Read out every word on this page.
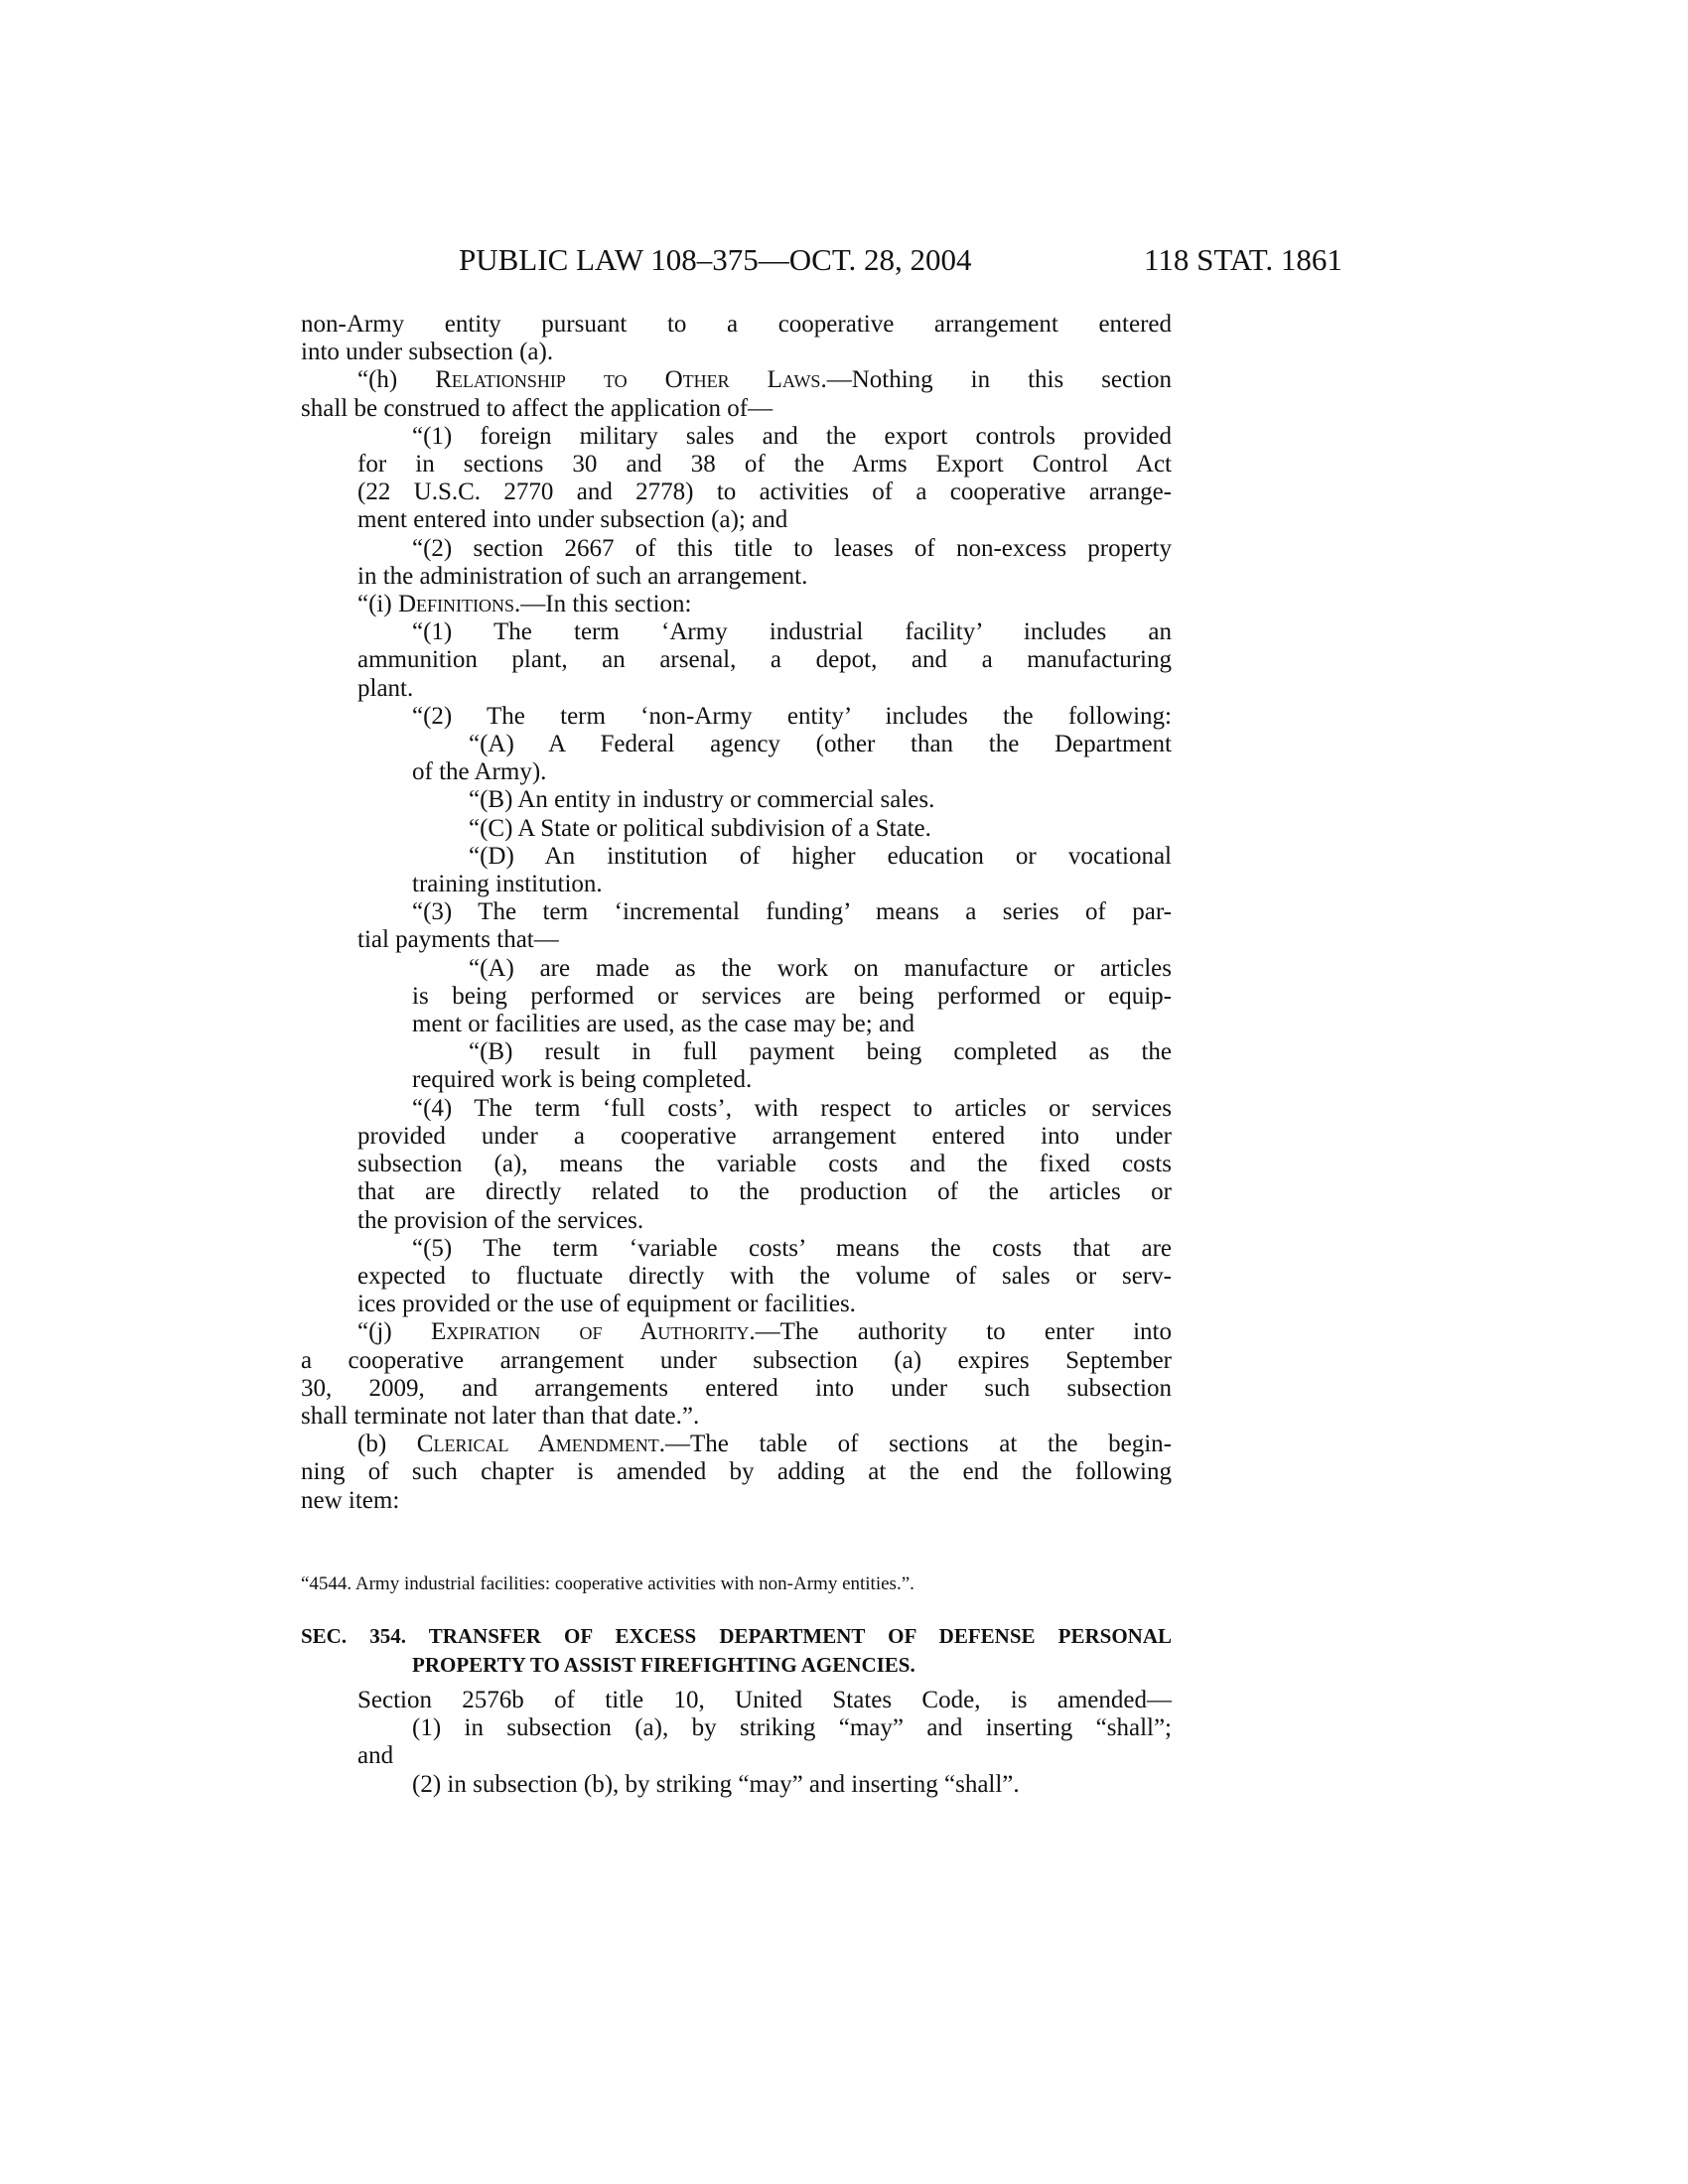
PUBLIC LAW 108–375—OCT. 28, 2004	118 STAT. 1861
non-Army entity pursuant to a cooperative arrangement entered
into under subsection (a).
“(h) Relationship to Other Laws.—Nothing in this section
shall be construed to affect the application of—
“(1) foreign military sales and the export controls provided
for in sections 30 and 38 of the Arms Export Control Act
(22 U.S.C. 2770 and 2778) to activities of a cooperative arrange-
ment entered into under subsection (a); and
“(2) section 2667 of this title to leases of non-excess property
in the administration of such an arrangement.
“(i) Definitions.—In this section:
“(1) The term ‘Army industrial facility’ includes an
ammunition plant, an arsenal, a depot, and a manufacturing
plant.
“(2) The term ‘non-Army entity’ includes the following:
“(A) A Federal agency (other than the Department
of the Army).
“(B) An entity in industry or commercial sales.
“(C) A State or political subdivision of a State.
“(D) An institution of higher education or vocational
training institution.
“(3) The term ‘incremental funding’ means a series of par-
tial payments that—
“(A) are made as the work on manufacture or articles
is being performed or services are being performed or equip-
ment or facilities are used, as the case may be; and
“(B) result in full payment being completed as the
required work is being completed.
“(4) The term ‘full costs’, with respect to articles or services
provided under a cooperative arrangement entered into under
subsection (a), means the variable costs and the fixed costs
that are directly related to the production of the articles or
the provision of the services.
“(5) The term ‘variable costs’ means the costs that are
expected to fluctuate directly with the volume of sales or serv-
ices provided or the use of equipment or facilities.
“(j) Expiration of Authority.—The authority to enter into
a cooperative arrangement under subsection (a) expires September
30, 2009, and arrangements entered into under such subsection
shall terminate not later than that date.”.
(b) Clerical Amendment.—The table of sections at the begin-
ning of such chapter is amended by adding at the end the following
new item:
“4544. Army industrial facilities: cooperative activities with non-Army entities.”.
SEC. 354. TRANSFER OF EXCESS DEPARTMENT OF DEFENSE PERSONAL
PROPERTY TO ASSIST FIREFIGHTING AGENCIES.
Section 2576b of title 10, United States Code, is amended—
(1) in subsection (a), by striking “may” and inserting “shall”;
and
(2) in subsection (b), by striking “may” and inserting “shall”.
